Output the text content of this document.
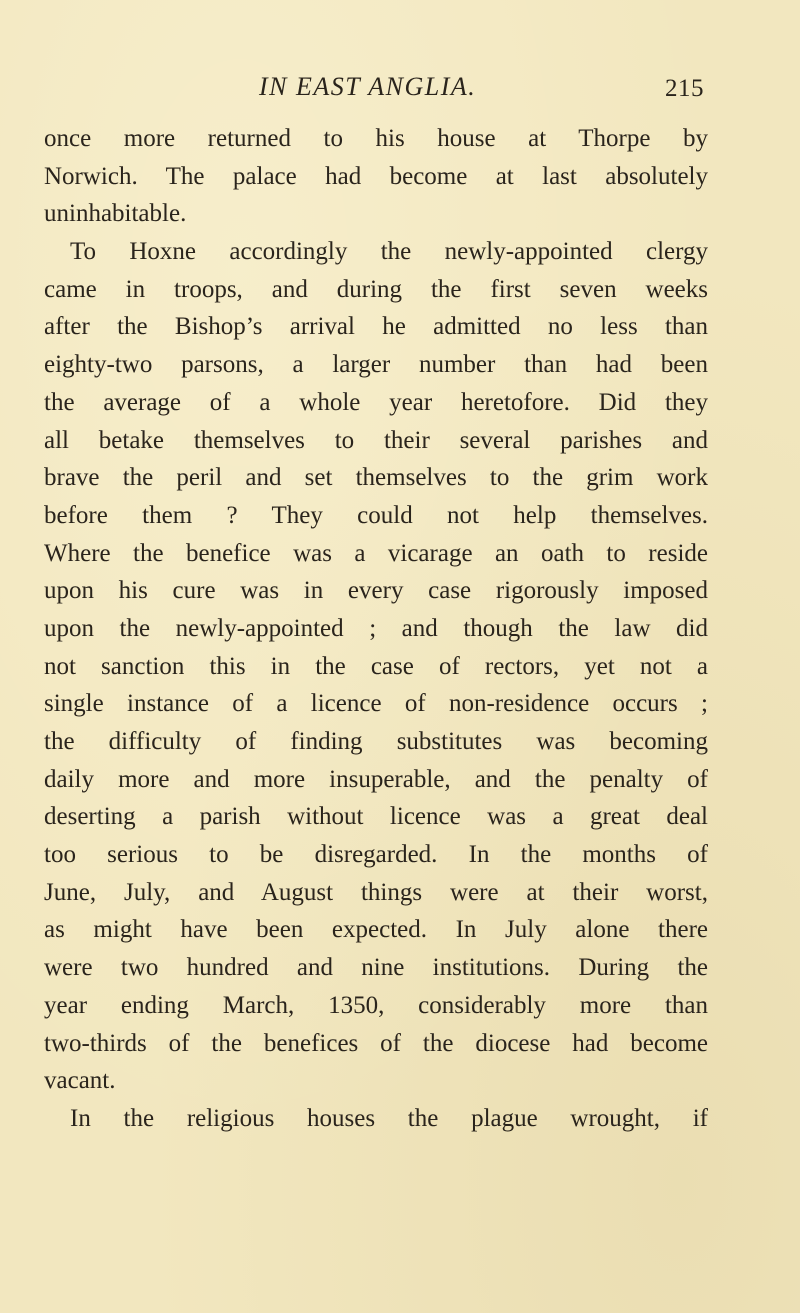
IN EAST ANGLIA.	215
once more returned to his house at Thorpe by
Norwich. The palace had become at last absolutely
uninhabitable.
To Hoxne accordingly the newly-appointed clergy
came in troops, and during the first seven weeks
after the Bishop’s arrival he admitted no less than
eighty-two parsons, a larger number than had been
the average of a whole year heretofore. Did they
all betake themselves to their several parishes and
brave the peril and set themselves to the grim work
before them ? They could not help themselves.
Where the benefice was a vicarage an oath to reside
upon his cure was in every case rigorously imposed
upon the newly-appointed ; and though the law did
not sanction this in the case of rectors, yet not a
single instance of a licence of non-residence occurs ;
the difficulty of finding substitutes was becoming
daily more and more insuperable, and the penalty of
deserting a parish without licence was a great deal
too serious to be disregarded. In the months of
June, July, and August things were at their worst,
as might have been expected. In July alone there
were two hundred and nine institutions. During the
year ending March, 1350, considerably more than
two-thirds of the benefices of the diocese had become
vacant.
In the religious houses the plague wrought, if
